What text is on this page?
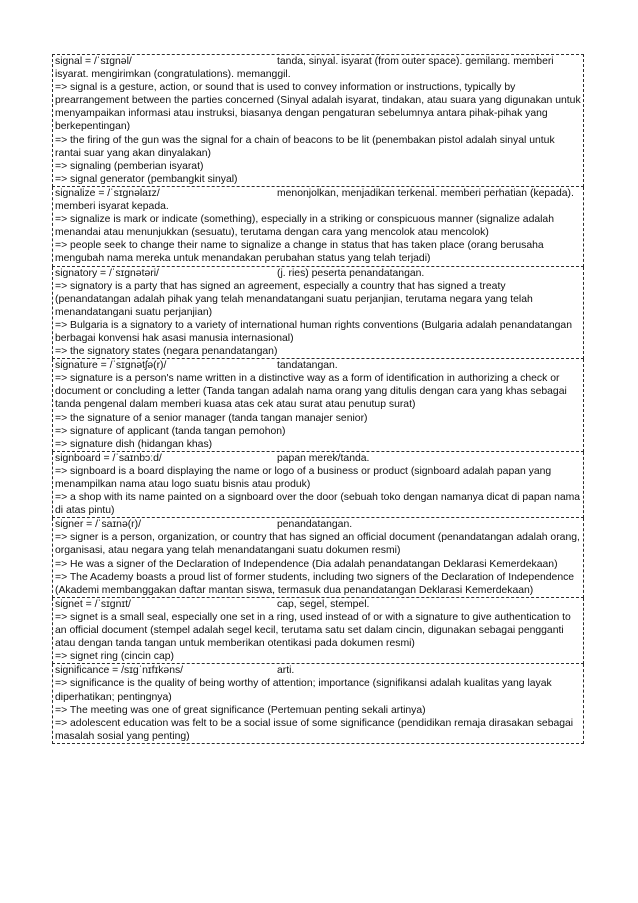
signal = /ˈsɪɡnəl/	tanda, sinyal. isyarat (from outer space). gemilang. memberi isyarat. mengirimkan (congratulations). memanggil.
=> signal is a gesture, action, or sound that is used to convey information or instructions, typically by prearrangement between the parties concerned (Sinyal adalah isyarat, tindakan, atau suara yang digunakan untuk menyampaikan informasi atau instruksi, biasanya dengan pengaturan sebelumnya antara pihak-pihak yang berkepentingan)
=> the firing of the gun was the signal for a chain of beacons to be lit (penembakan pistol adalah sinyal untuk rantai suar yang akan dinyalakan)
=> signaling (pemberian isyarat)
=> signal generator (pembangkit sinyal)
signalize = /ˈsɪɡnəlaɪz/	menonjolkan, menjadikan terkenal. memberi perhatian (kepada). memberi isyarat kepada.
=> signalize is mark or indicate (something), especially in a striking or conspicuous manner (signalize adalah menandai atau menunjukkan (sesuatu), terutama dengan cara yang mencolok atau mencolok)
=> people seek to change their name to signalize a change in status that has taken place (orang berusaha mengubah nama mereka untuk menandakan perubahan status yang telah terjadi)
signatory = /ˈsɪɡnətəri/	(j. ries) peserta penandatangan.
=> signatory is a party that has signed an agreement, especially a country that has signed a treaty (penandatangan adalah pihak yang telah menandatangani suatu perjanjian, terutama negara yang telah menandatangani suatu perjanjian)
=> Bulgaria is a signatory to a variety of international human rights conventions (Bulgaria adalah penandatangan berbagai konvensi hak asasi manusia internasional)
=> the signatory states (negara penandatangan)
signature = /ˈsɪɡnətʃə(r)/	tandatangan.
=> signature is a person's name written in a distinctive way as a form of identification in authorizing a check or document or concluding a letter (Tanda tangan adalah nama orang yang ditulis dengan cara yang khas sebagai tanda pengenal dalam memberi kuasa atas cek atau surat atau penutup surat)
=> the signature of a senior manager (tanda tangan manajer senior)
=> signature of applicant (tanda tangan pemohon)
=> signature dish (hidangan khas)
signboard = /ˈsaɪnbɔːd/	papan merek/tanda.
=> signboard is a board displaying the name or logo of a business or product (signboard adalah papan yang menampilkan nama atau logo suatu bisnis atau produk)
=> a shop with its name painted on a signboard over the door (sebuah toko dengan namanya dicat di papan nama di atas pintu)
signer = /ˈsaɪnə(r)/	penandatangan.
=> signer is a person, organization, or country that has signed an official document (penandatangan adalah orang, organisasi, atau negara yang telah menandatangani suatu dokumen resmi)
=> He was a signer of the Declaration of Independence (Dia adalah penandatangan Deklarasi Kemerdekaan)
=> The Academy boasts a proud list of former students, including two signers of the Declaration of Independence (Akademi membanggakan daftar mantan siswa, termasuk dua penandatangan Deklarasi Kemerdekaan)
signet = /ˈsɪɡnɪt/	cap, segel, stempel.
=> signet is a small seal, especially one set in a ring, used instead of or with a signature to give authentication to an official document (stempel adalah segel kecil, terutama satu set dalam cincin, digunakan sebagai pengganti atau dengan tanda tangan untuk memberikan otentikasi pada dokumen resmi)
=> signet ring (cincin cap)
significance = /sɪɡˈnɪfɪkəns/	arti.
=> significance is the quality of being worthy of attention; importance (signifikansi adalah kualitas yang layak diperhatikan; pentingnya)
=> The meeting was one of great significance (Pertemuan penting sekali artinya)
=> adolescent education was felt to be a social issue of some significance (pendidikan remaja dirasakan sebagai masalah sosial yang penting)
